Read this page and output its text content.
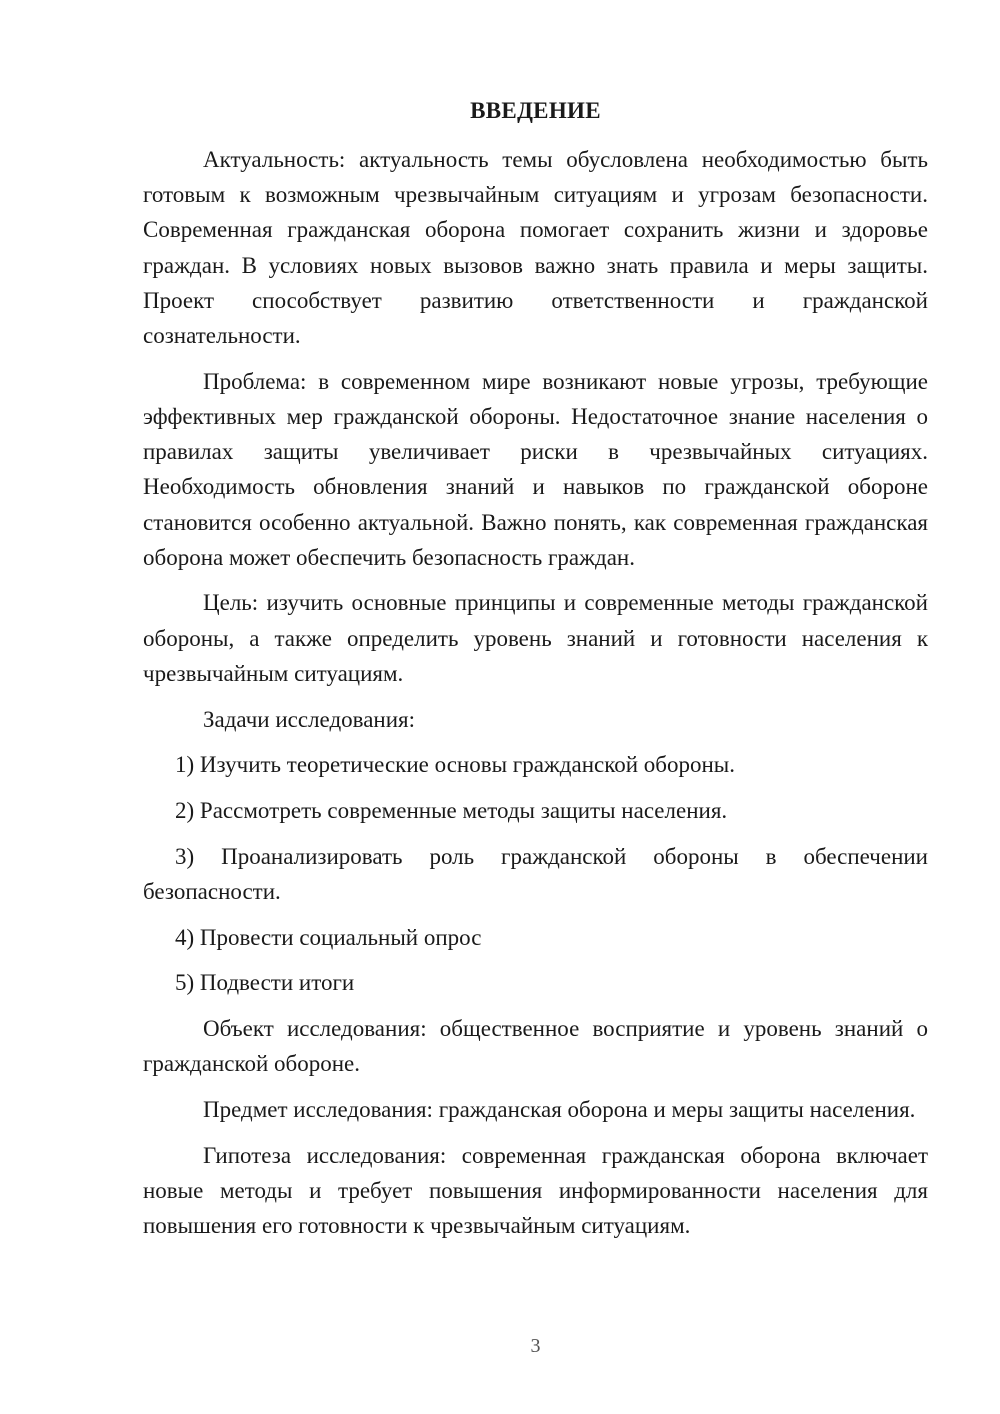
ВВЕДЕНИЕ

Актуальность: актуальность темы обусловлена необходимостью быть готовым к возможным чрезвычайным ситуациям и угрозам безопасности. Современная гражданская оборона помогает сохранить жизни и здоровье граждан. В условиях новых вызовов важно знать правила и меры защиты. Проект способствует развитию ответственности и гражданской сознательности.

Проблема: в современном мире возникают новые угрозы, требующие эффективных мер гражданской обороны. Недостаточное знание населения о правилах защиты увеличивает риски в чрезвычайных ситуациях. Необходимость обновления знаний и навыков по гражданской обороне становится особенно актуальной. Важно понять, как современная гражданская оборона может обеспечить безопасность граждан.

Цель: изучить основные принципы и современные методы гражданской обороны, а также определить уровень знаний и готовности населения к чрезвычайным ситуациям.

Задачи исследования:

1) Изучить теоретические основы гражданской обороны.

2) Рассмотреть современные методы защиты населения.

3) Проанализировать роль гражданской обороны в обеспечении безопасности.

4) Провести социальный опрос

5) Подвести итоги

Объект исследования: общественное восприятие и уровень знаний о гражданской обороне.

Предмет исследования: гражданская оборона и меры защиты населения.

Гипотеза исследования: современная гражданская оборона включает новые методы и требует повышения информированности населения для повышения его готовности к чрезвычайным ситуациям.

3
